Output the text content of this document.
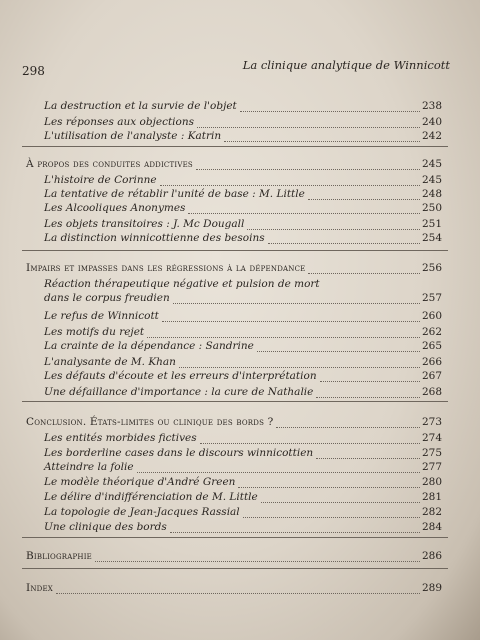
298	La clinique analytique de Winnicott
La destruction et la survie de l'objet	238
Les réponses aux objections	240
L'utilisation de l'analyste : Katrin	242
À propos des conduites addictives	245
L'histoire de Corinne	245
La tentative de rétablir l'unité de base : M. Little	248
Les Alcooliques Anonymes	250
Les objets transitoires : J. Mc Dougall	251
La distinction winnicottienne des besoins	254
Impairs et impasses dans les régressions à la dépendance	256
Réaction thérapeutique négative et pulsion de mort
dans le corpus freudien	257
Le refus de Winnicott	260
Les motifs du rejet	262
La crainte de la dépendance : Sandrine	265
L'analysante de M. Khan	266
Les défauts d'écoute et les erreurs d'interprétation	267
Une défaillance d'importance : la cure de Nathalie	268
Conclusion. États-limites ou clinique des bords ?	273
Les entités morbides fictives	274
Les borderline cases dans le discours winnicottien	275
Atteindre la folie	277
Le modèle théorique d'André Green	280
Le délire d'indifférenciation de M. Little	281
La topologie de Jean-Jacques Rassial	282
Une clinique des bords	284
Bibliographie	286
Index	289
